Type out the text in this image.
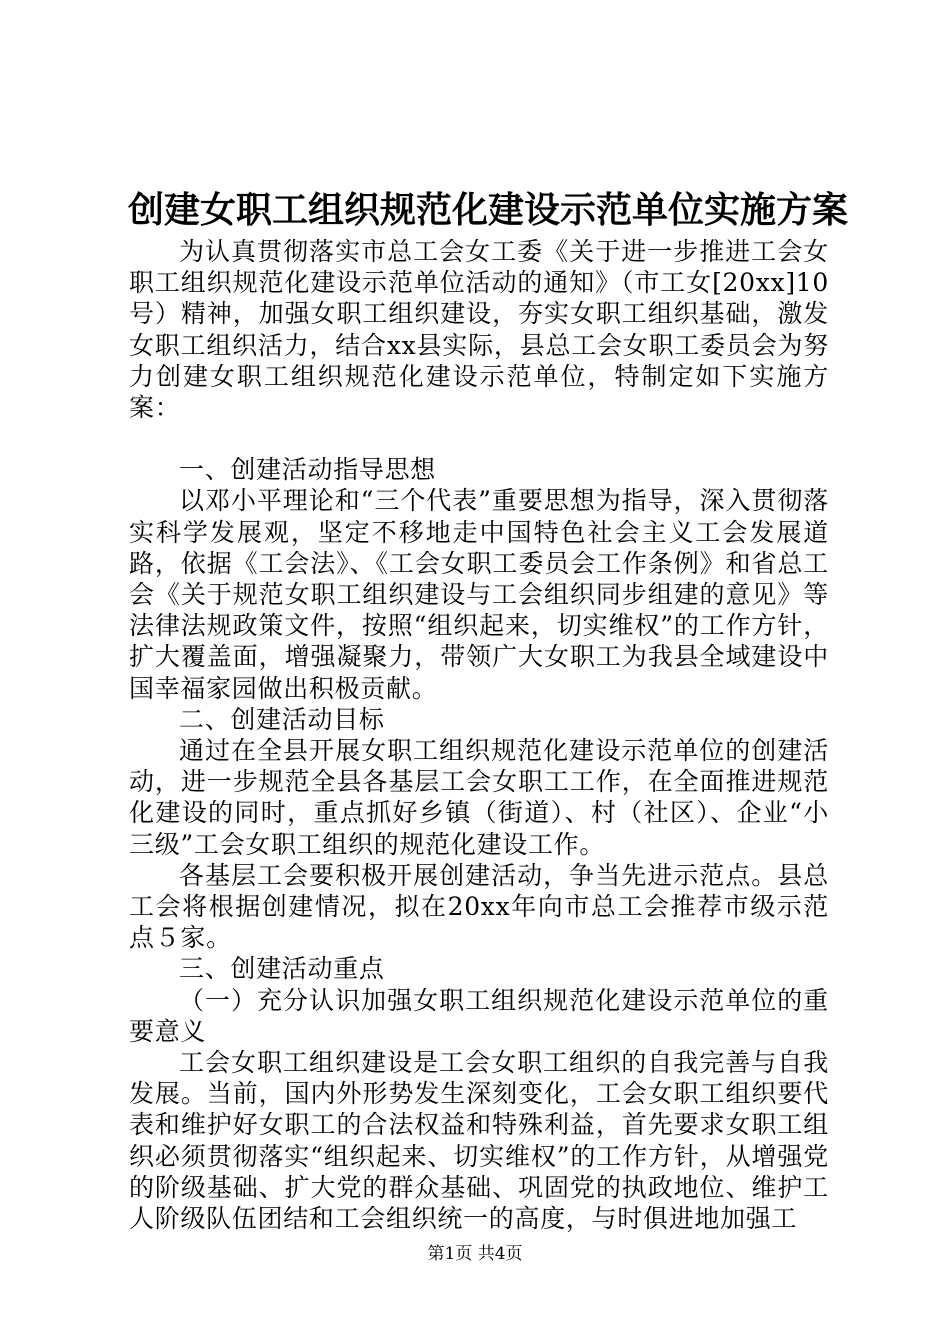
创建女职工组织规范化建设示范单位实施方案

为认真贯彻落实市总工会女工委《关于进一步推进工会女职工组织规范化建设示范单位活动的通知》（市工女[20xx]10号）精神，加强女职工组织建设，夯实女职工组织基础，激发女职工组织活力，结合xx县实际，县总工会女职工委员会为努力创建女职工组织规范化建设示范单位，特制定如下实施方案：

一、创建活动指导思想

以邓小平理论和“三个代表”重要思想为指导，深入贯彻落实科学发展观，坚定不移地走中国特色社会主义工会发展道路，依据《工会法》、《工会女职工委员会工作条例》和省总工会《关于规范女职工组织建设与工会组织同步组建的意见》等法律法规政策文件，按照“组织起来，切实维权”的工作方针，扩大覆盖面，增强凝聚力，带领广大女职工为我县全域建设中国幸福家园做出积极贡献。

二、创建活动目标

通过在全县开展女职工组织规范化建设示范单位的创建活动，进一步规范全县各基层工会女职工工作，在全面推进规范化建设的同时，重点抓好乡镇（街道）、村（社区）、企业“小三级”工会女职工组织的规范化建设工作。

各基层工会要积极开展创建活动，争当先进示范点。县总工会将根据创建情况，拟在20xx年向市总工会推荐市级示范点５家。

三、创建活动重点

（一）充分认识加强女职工组织规范化建设示范单位的重要意义

工会女职工组织建设是工会女职工组织的自我完善与自我发展。当前，国内外形势发生深刻变化，工会女职工组织要代表和维护好女职工的合法权益和特殊利益，首先要求女职工组织必须贯彻落实“组织起来、切实维权”的工作方针，从增强党的阶级基础、扩大党的群众基础、巩固党的执政地位、维护工人阶级队伍团结和工会组织统一的高度，与时俱进地加强工

第1页 共4页
